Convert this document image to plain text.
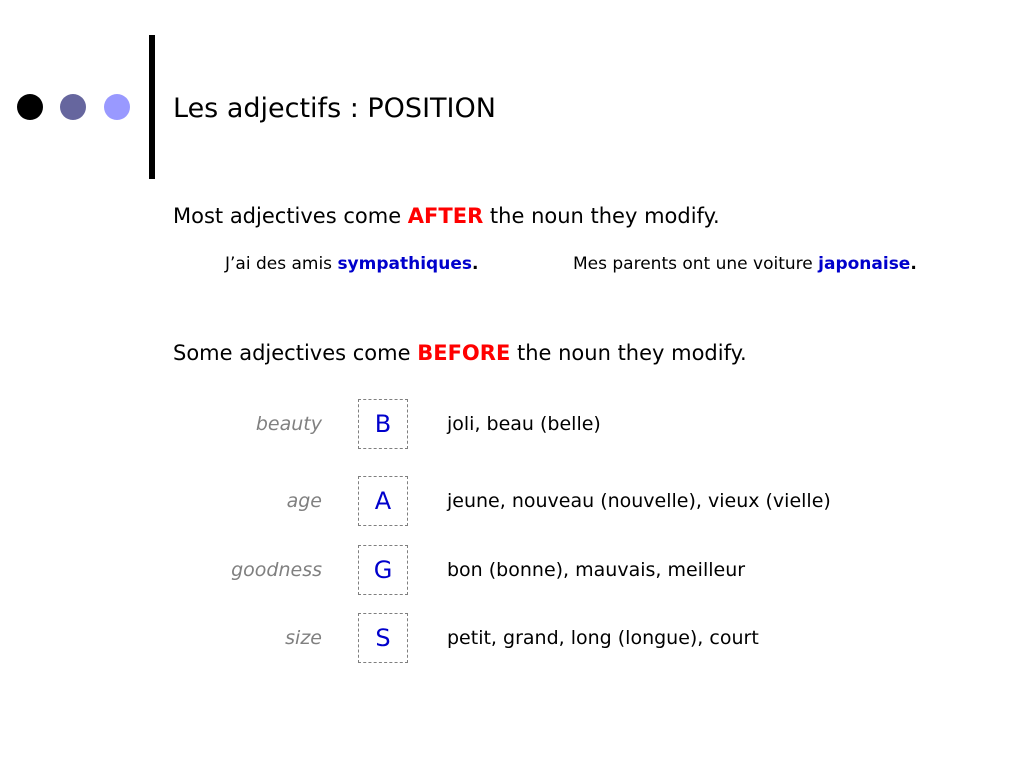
Les adjectifs : POSITION
Most adjectives come AFTER the noun they modify.
J’ai des amis sympathiques.	Mes parents ont une voiture japonaise.
Some adjectives come BEFORE the noun they modify.
beauty	B	joli, beau (belle)
age	A	jeune, nouveau (nouvelle), vieux (vielle)
goodness	G	bon (bonne), mauvais, meilleur
size	S	petit, grand, long (longue), court
